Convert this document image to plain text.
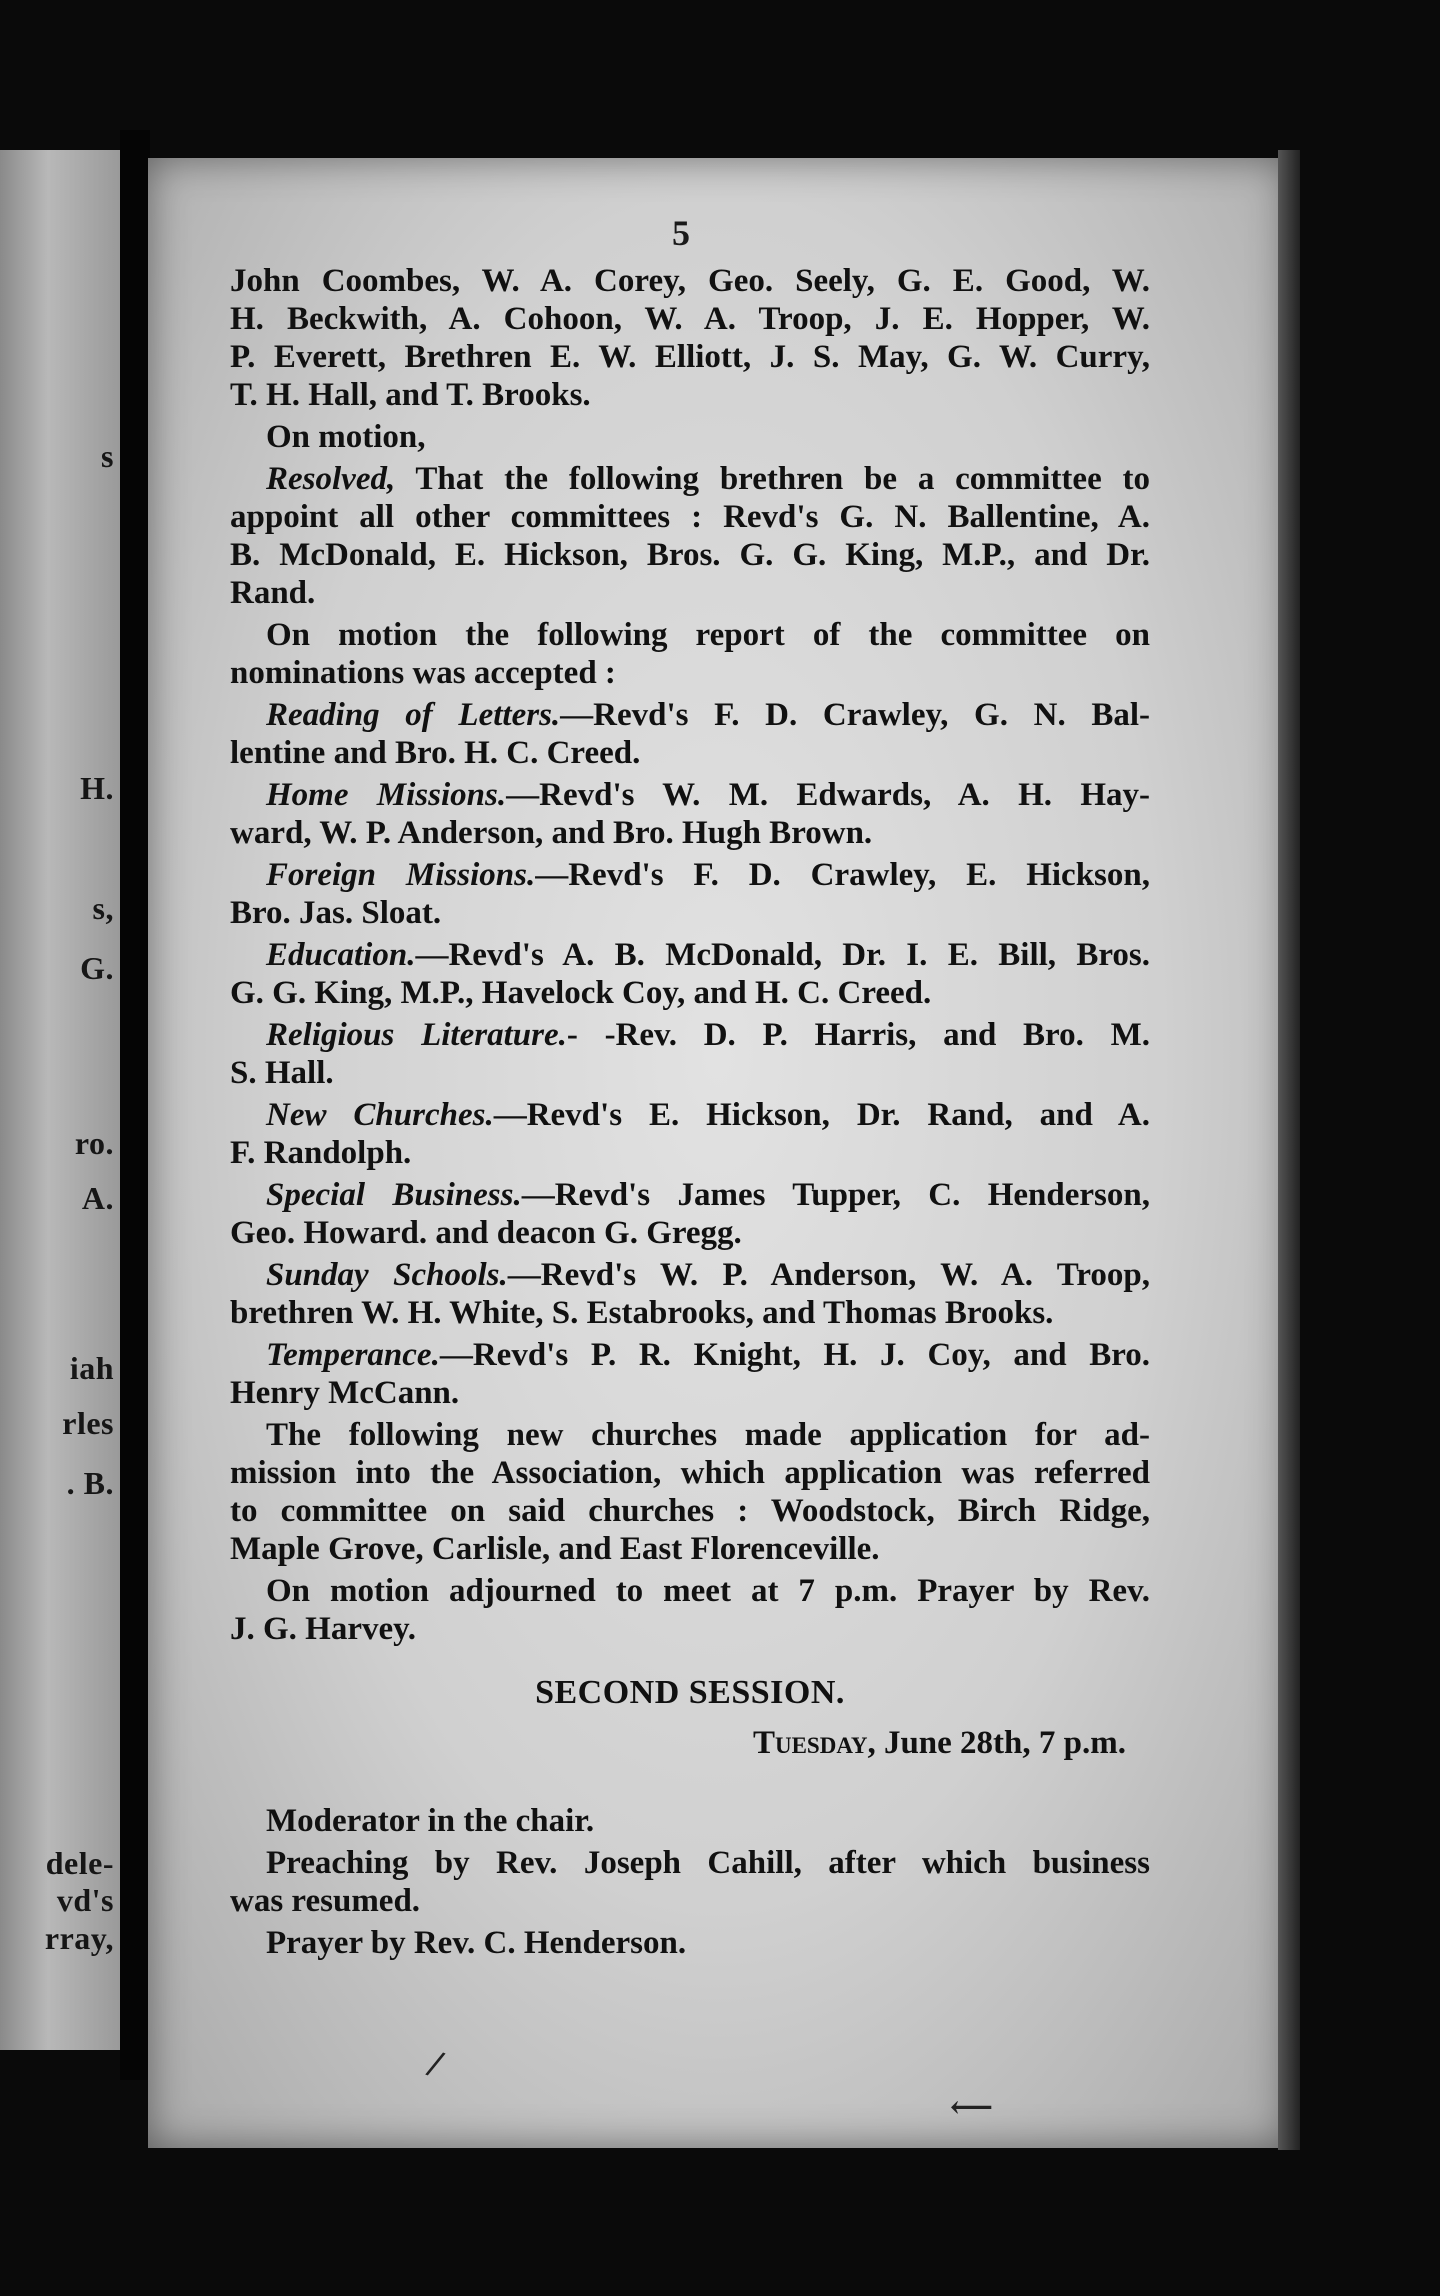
s
H.
s,
G.
ro.
A.
iah
rles
. B.
dele-
vd's
rray,
5

John Coombes, W. A. Corey, Geo. Seely, G. E. Good, W.
H. Beckwith, A. Cohoon, W. A. Troop, J. E. Hopper, W.
P. Everett, Brethren E. W. Elliott, J. S. May, G. W. Curry,
T. H. Hall, and T. Brooks.

On motion,

Resolved, That the following brethren be a committee to
appoint all other committees : Revd's G. N. Ballentine, A.
B. McDonald, E. Hickson, Bros. G. G. King, M.P., and Dr.
Rand.

On motion the following report of the committee on
nominations was accepted :

Reading of Letters.—Revd's F. D. Crawley, G. N. Bal-
lentine and Bro. H. C. Creed.

Home Missions.—Revd's W. M. Edwards, A. H. Hay-
ward, W. P. Anderson, and Bro. Hugh Brown.

Foreign Missions.—Revd's F. D. Crawley, E. Hickson,
Bro. Jas. Sloat.

Education.—Revd's A. B. McDonald, Dr. I. E. Bill, Bros.
G. G. King, M.P., Havelock Coy, and H. C. Creed.

Religious Literature.- -Rev. D. P. Harris, and Bro. M.
S. Hall.

New Churches.—Revd's E. Hickson, Dr. Rand, and A.
F. Randolph.

Special Business.—Revd's James Tupper, C. Henderson,
Geo. Howard. and deacon G. Gregg.

Sunday Schools.—Revd's W. P. Anderson, W. A. Troop,
brethren W. H. White, S. Estabrooks, and Thomas Brooks.

Temperance.—Revd's P. R. Knight, H. J. Coy, and Bro.
Henry McCann.

The following new churches made application for ad-
mission into the Association, which application was referred
to committee on said churches : Woodstock, Birch Ridge,
Maple Grove, Carlisle, and East Florenceville.

On motion adjourned to meet at 7 p.m. Prayer by Rev.
J. G. Harvey.

SECOND SESSION.
Tuesday, June 28th, 7 p.m.

Moderator in the chair.

Preaching by Rev. Joseph Cahill, after which business
was resumed.

Prayer by Rev. C. Henderson.

/
⟵
